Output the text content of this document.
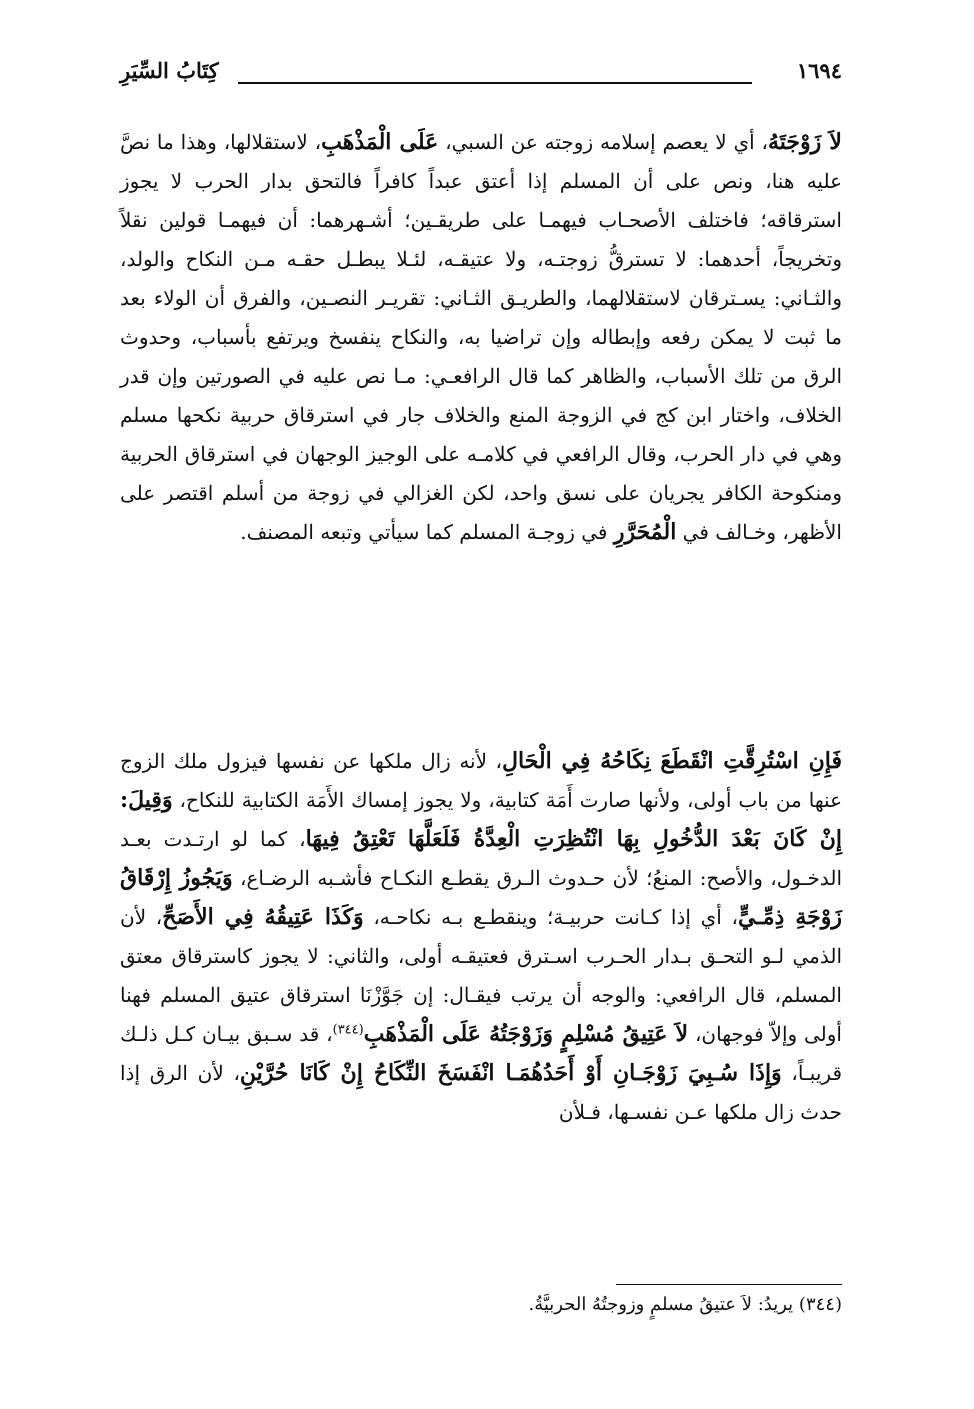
١٦٩٤
كِتَابُ السِّيَرِ

لاَ زَوْجَتَهُ، أي لا يعصم إسلامه زوجته عن السبي، عَلَى الْمَذْهَبِ، لاستقلالها، وهذا ما نصَّ عليه هنا، ونص على أن المسلم إذا أعتق عبداً كافراً فالتحق بدار الحرب لا يجوز استرقاقه؛ فاختلف الأصحـاب فيهمـا على طريقـين؛ أشـهرهما: أن فيهمـا قولين نقلاً وتخريجاً، أحدهما: لا تسترقُّ زوجتـه، ولا عتيقـه، لئـلا يبطـل حقـه مـن النكاح والولد، والثـاني: يسـترقان لاستقلالهما، والطريـق الثـاني: تقريـر النصـين، والفرق أن الولاء بعد ما ثبت لا يمكن رفعه وإبطاله وإن تراضيا به، والنكاح ينفسخ ويرتفع بأسباب، وحدوث الرق من تلك الأسباب، والظاهر كما قال الرافعـي: مـا نص عليه في الصورتين وإن قدر الخلاف، واختار ابن كج في الزوجة المنع والخلاف جار في استرقاق حربية نكحها مسلم وهي في دار الحرب، وقال الرافعي في كلامـه على الوجيز الوجهان في استرقاق الحربية ومنكوحة الكافر يجريان على نسق واحد، لكن الغزالي في زوجة من أسلم اقتصر على الأظهر، وخـالف في الْمُحَرَّرِ في زوجـة المسلم كما سيأتي وتبعه المصنف.

فَإِنِ اسْتُرِقَّتِ انْقَطَعَ نِكَاحُهُ فِي الْحَالِ، لأنه زال ملكها عن نفسها فيزول ملك الزوج عنها من باب أولى، ولأنها صارت أَمَة كتابية، ولا يجوز إمساك الأَمَة الكتابية للنكاح، وَقِيلَ: إِنْ كَانَ بَعْدَ الدُّخُولِ بِهَا انْتُظِرَتِ الْعِدَّةُ فَلَعَلَّهَا تَعْتِقُ فِيهَا، كما لو ارتـدت بعـد الدخـول، والأصح: المنعُ؛ لأن حـدوث الـرق يقطـع النكـاح فأشـبه الرضـاع، وَيَجُوزُ إِرْقَاقُ زَوْجَةِ ذِمِّـيٍّ، أي إذا كـانت حربيـة؛ وينقطـع بـه نكاحـه، وَكَذَا عَتِيقُهُ فِي الأَصَحِّ، لأن الذمي لـو التحـق بـدار الحـرب اسـترق فعتيقـه أولى، والثاني: لا يجوز كاسترقاق معتق المسلم، قال الرافعي: والوجه أن يرتب فيقـال: إن جَوَّزْنَا استرقاق عتيق المسلم فهنا أولى وإلاّ فوجهان، لاَ عَتِيقُ مُسْلِمٍ وَزَوْجَتُهُ عَلَى الْمَذْهَبِ$^{(٣٤٤)}$، قد سـبق بيـان كـل ذلـك قريبـاً، وَإِذَا سُـبِيَ زَوْجَـانِ أَوْ أَحَدُهُمَـا انْفَسَخَ النِّكَاحُ إِنْ كَانَا حُرَّيْنِ، لأن الرق إذا حدث زال ملكها عـن نفسـها، فـلأن

(٣٤٤) يريدُ: لاَ عتيقُ مسلمٍ وزوجتُهُ الحربيَّةُ.
